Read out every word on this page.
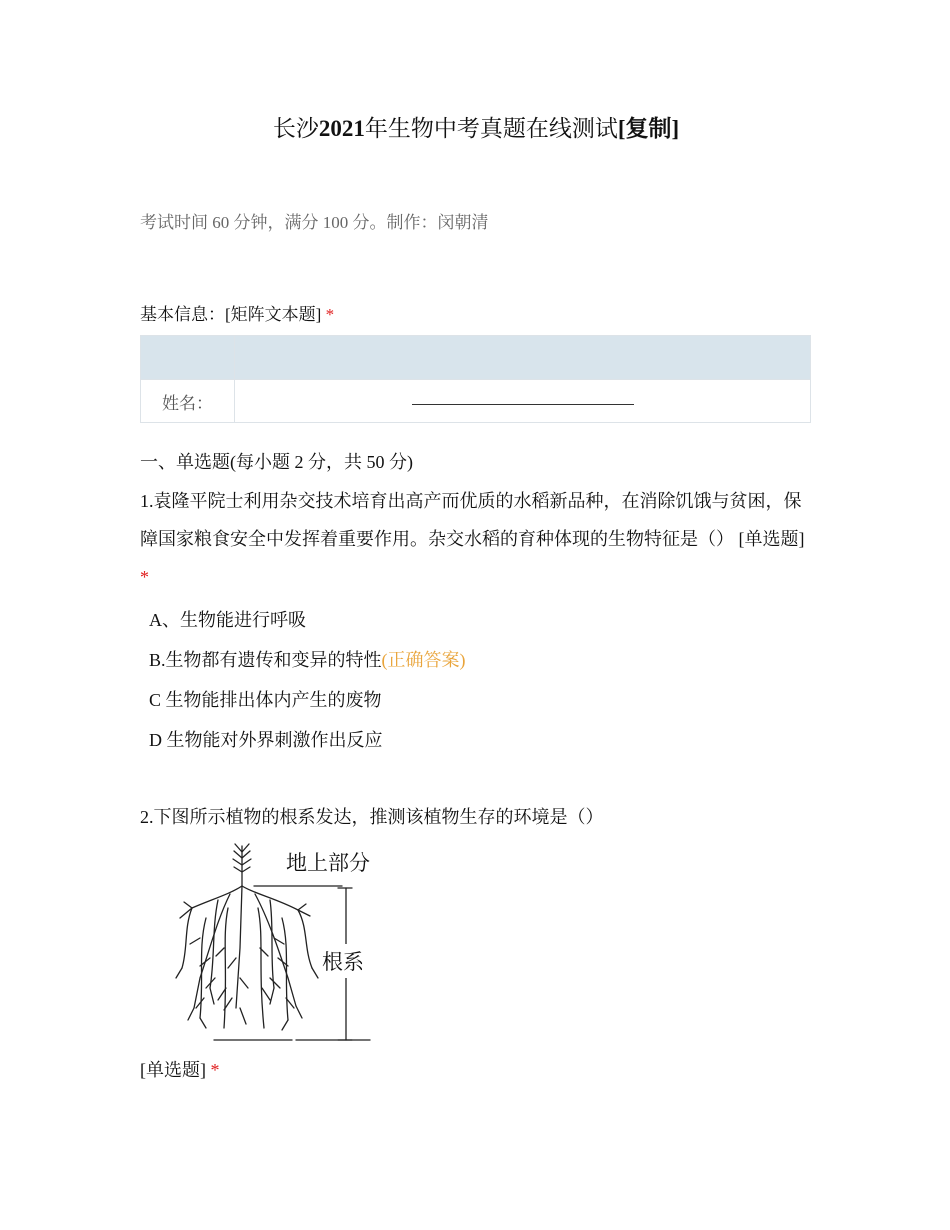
长沙2021年生物中考真题在线测试[复制]
考试时间 60 分钟，满分 100 分。制作：闵朝清
基本信息：[矩阵文本题] *

姓名：	
一、单选题(每小题 2 分，共 50 分)
1.袁隆平院士利用杂交技术培育出高产而优质的水稻新品种，在消除饥饿与贫困，保障国家粮食安全中发挥着重要作用。杂交水稻的育种体现的生物特征是（） [单选题] *
A、生物能进行呼吸
B.生物都有遗传和变异的特性(正确答案)
C 生物能排出体内产生的废物
D 生物能对外界刺激作出反应
2.下图所示植物的根系发达，推测该植物生存的环境是（）
地上部分
根系
[单选题] *
